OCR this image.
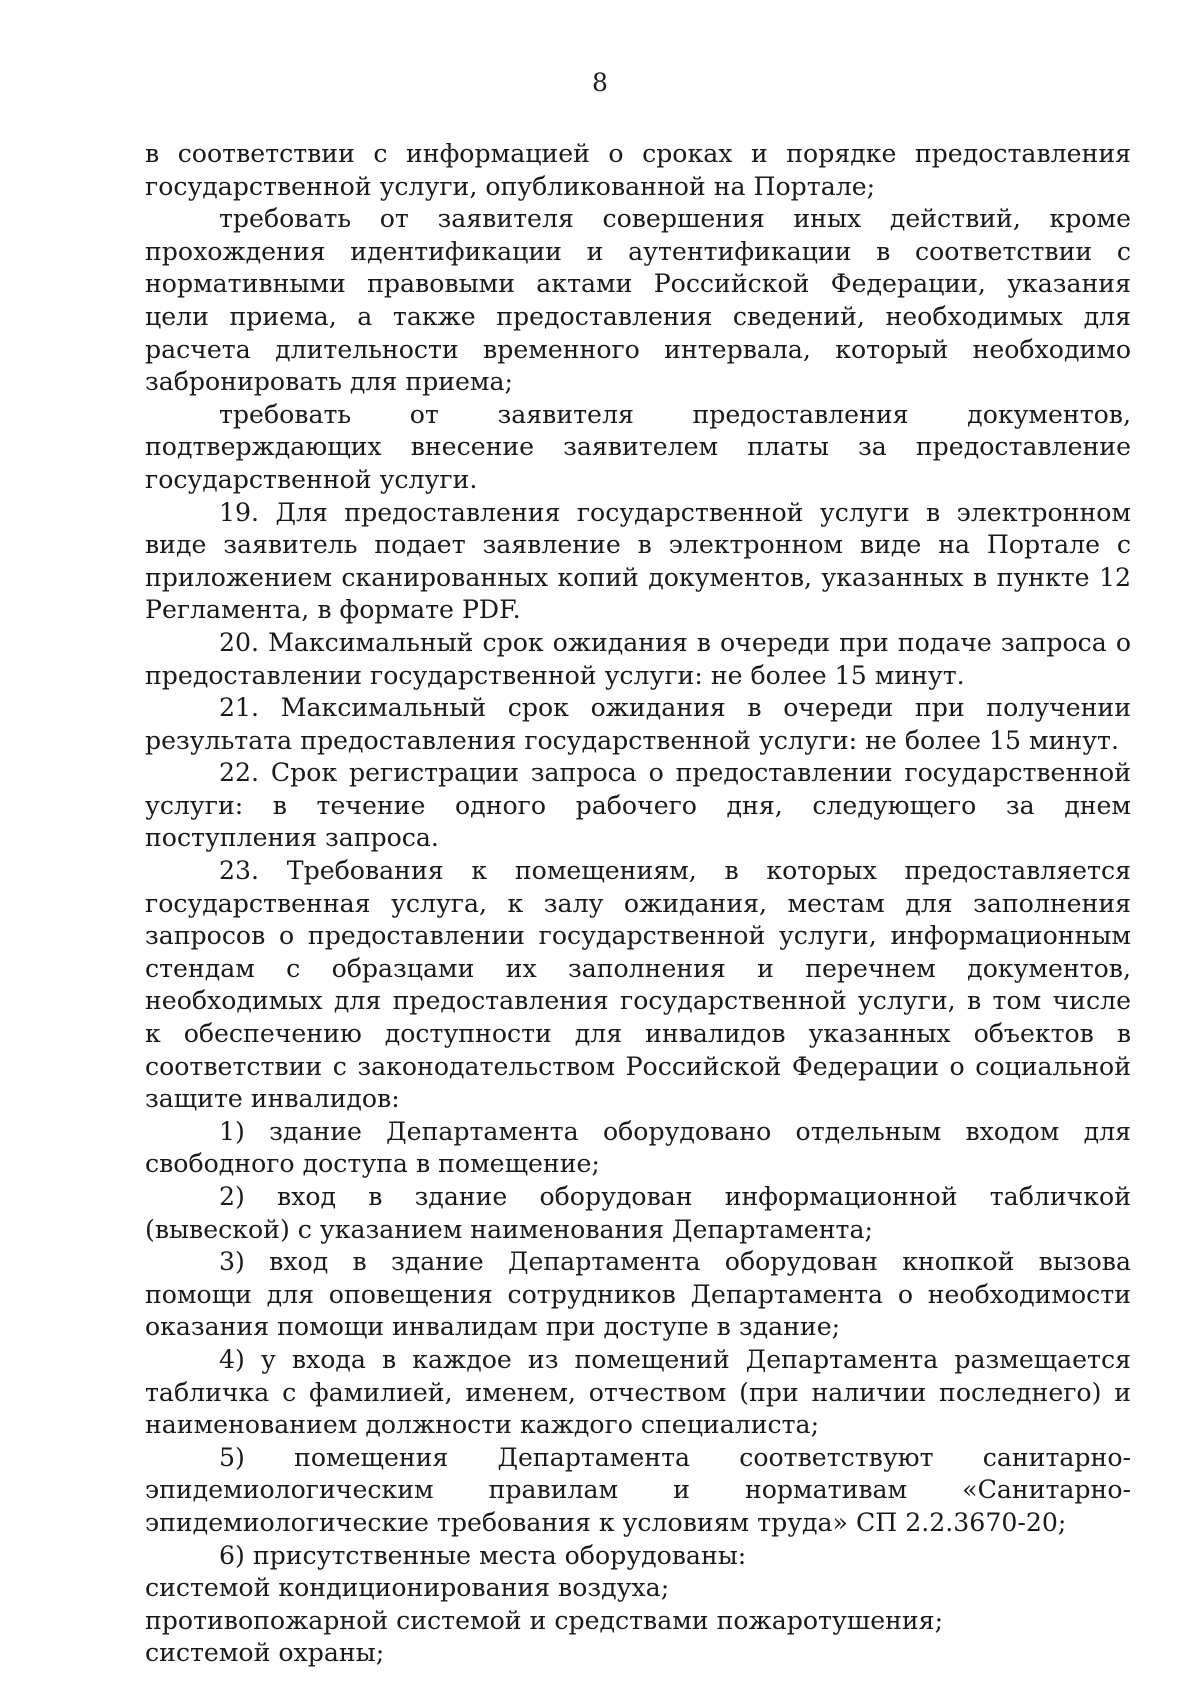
8

в соответствии с информацией о сроках и порядке предоставления государственной услуги, опубликованной на Портале;

требовать от заявителя совершения иных действий, кроме прохождения идентификации и аутентификации в соответствии с нормативными правовыми актами Российской Федерации, указания цели приема, а также предоставления сведений, необходимых для расчета длительности временного интервала, который необходимо забронировать для приема;

требовать от заявителя предоставления документов, подтверждающих внесение заявителем платы за предоставление государственной услуги.

19. Для предоставления государственной услуги в электронном виде заявитель подает заявление в электронном виде на Портале с приложением сканированных копий документов, указанных в пункте 12 Регламента, в формате PDF.

20. Максимальный срок ожидания в очереди при подаче запроса о предоставлении государственной услуги: не более 15 минут.

21. Максимальный срок ожидания в очереди при получении результата предоставления государственной услуги: не более 15 минут.

22. Срок регистрации запроса о предоставлении государственной услуги: в течение одного рабочего дня, следующего за днем поступления запроса.

23. Требования к помещениям, в которых предоставляется государственная услуга, к залу ожидания, местам для заполнения запросов о предоставлении государственной услуги, информационным стендам с образцами их заполнения и перечнем документов, необходимых для предоставления государственной услуги, в том числе к обеспечению доступности для инвалидов указанных объектов в соответствии с законодательством Российской Федерации о социальной защите инвалидов:

1) здание Департамента оборудовано отдельным входом для свободного доступа в помещение;

2) вход в здание оборудован информационной табличкой (вывеской) с указанием наименования Департамента;

3) вход в здание Департамента оборудован кнопкой вызова помощи для оповещения сотрудников Департамента о необходимости оказания помощи инвалидам при доступе в здание;

4) у входа в каждое из помещений Департамента размещается табличка с фамилией, именем, отчеством (при наличии последнего) и наименованием должности каждого специалиста;

5) помещения Департамента соответствуют санитарно-эпидемиологическим правилам и нормативам «Санитарно-эпидемиологические требования к условиям труда» СП 2.2.3670-20;

6) присутственные места оборудованы:

системой кондиционирования воздуха;

противопожарной системой и средствами пожаротушения;

системой охраны;
